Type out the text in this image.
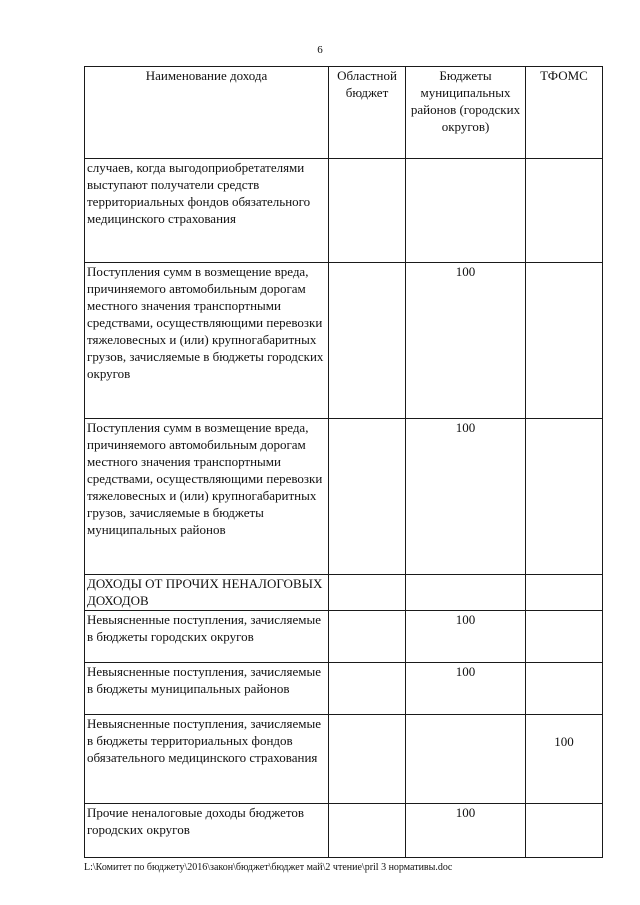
6
Наименование дохода	Областной бюджет	Бюджеты муниципальных районов (городских округов)	ТФОМС
случаев, когда выгодоприобретателями выступают получатели средств территориальных фондов обязательного медицинского страхования			
Поступления сумм в возмещение вреда, причиняемого автомобильным дорогам местного значения транспортными средствами, осуществляющими перевозки тяжеловесных и (или) крупногабаритных грузов, зачисляемые в бюджеты городских округов		100	
Поступления сумм в возмещение вреда, причиняемого автомобильным дорогам местного значения транспортными средствами, осуществляющими перевозки тяжеловесных и (или) крупногабаритных грузов, зачисляемые в бюджеты муниципальных районов		100	
ДОХОДЫ ОТ ПРОЧИХ НЕНАЛОГОВЫХ ДОХОДОВ			
Невыясненные поступления, зачисляемые в бюджеты городских округов		100	
Невыясненные поступления, зачисляемые в бюджеты муниципальных районов		100	
Невыясненные поступления, зачисляемые в бюджеты территориальных фондов обязательного медицинского страхования			100
Прочие неналоговые доходы бюджетов городских округов		100	
L:\Комитет по бюджету\2016\закон\бюджет\бюджет май\2 чтение\pril 3 нормативы.doc
